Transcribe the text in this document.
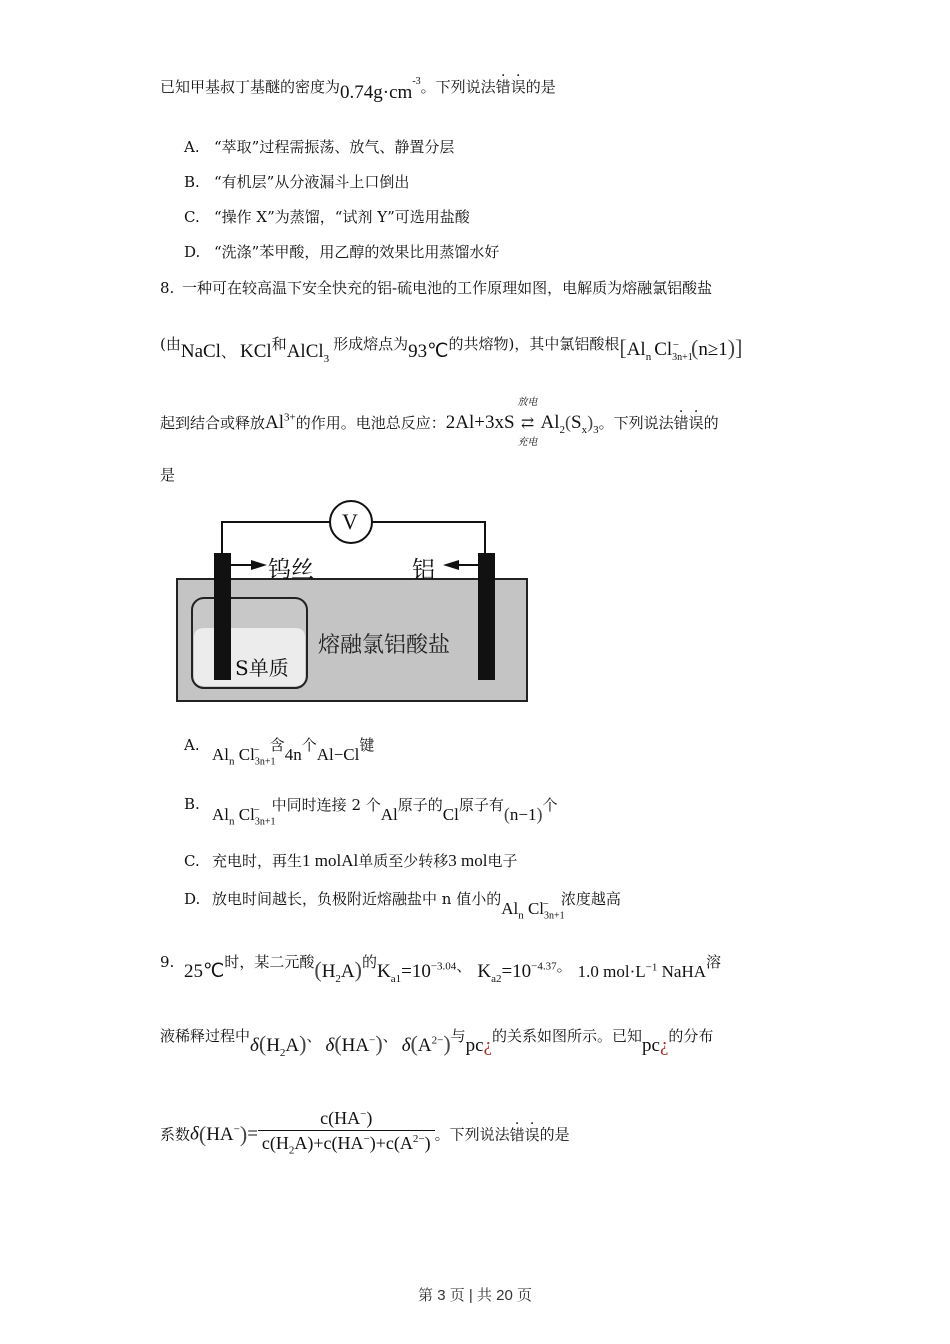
已知甲基叔丁基醚的密度为$0.74g\cdot cm^{-3}$。下列说法错误的是
A. “萃取”过程需振荡、放气、静置分层
B. “有机层”从分液漏斗上口倒出
C. “操作 X”为蒸馏，“试剂 Y”可选用盐酸
D. “洗涤”苯甲酸，用乙醇的效果比用蒸馏水好
8. 一种可在较高温下安全快充的铝-硫电池的工作原理如图，电解质为熔融氯铝酸盐
(由NaCl、 KCl和AlCl$_3$形成熔点为93℃的共熔物)，其中氯铝酸根[$Al_n$ $Cl_{3n+1}^-$ (n≥1)]
起到结合或释放$Al^{3+}$的作用。电池总反应：2Al+3xS
放电
⇄
充电
$Al_2(S_x)_3$。下列说法错误的
是
V
钨丝	铝
熔融氯铝酸盐
S单质
A. $Al_n$ $Cl_{3n+1}^-$ 含4n个Al−Cl键
$B.Al_n$ $Cl_{3n+1}^-$ 中同时连接 2 个Al原子的Cl原子有(n−1)个
C. 充电时，再生1 molAl单质至少转移3 mol电子
D. 放电时间越长，负极附近熔融盐中 n 值小的$Al_n$ $Cl_{3n+1}^-$ 浓度越高
9. 25℃时，某二元酸$(H_2A)$的$K_{a1}=10^{-3.04}$、 $K_{a2}=10^{-4.37}$。 1.0 $mol\cdot L^{-1}$ NaHA溶
液稀释过程中$\delta(H_2A)$、 δ(HA−)、 $\delta(A^{2-})$与pc¿的关系如图所示。已知pc¿的分布
系数$\delta(HA^-)= \frac{c(HA^-)}{c(H_2A)+c(HA^-)+c(A^{2-})}$ 。下列说法错误的是
第 3 页 | 共 20 页
